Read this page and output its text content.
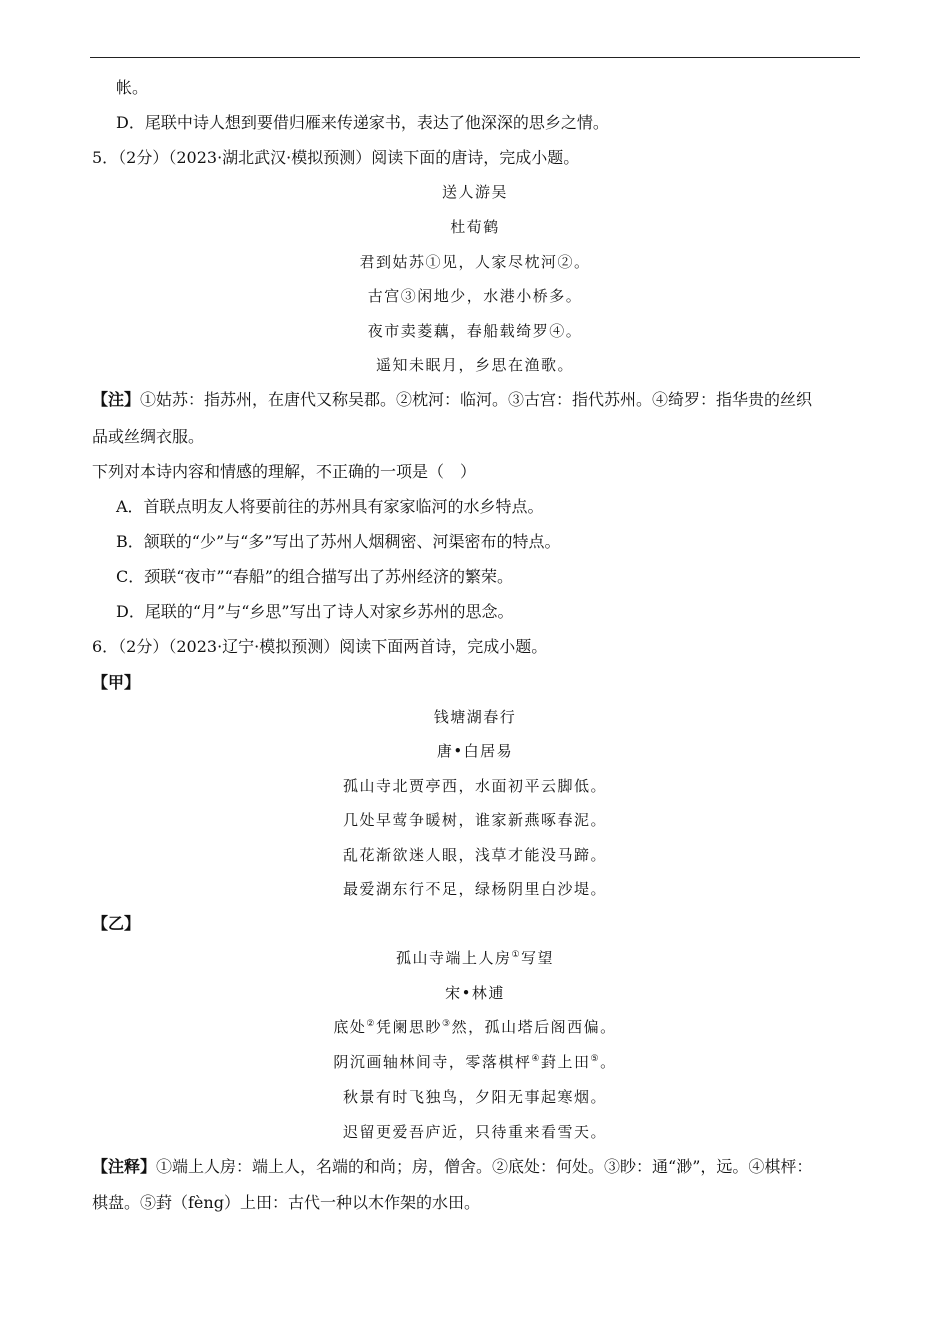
帐。
D．尾联中诗人想到要借归雁来传递家书，表达了他深深的思乡之情。
5．（2分）（2023·湖北武汉·模拟预测）阅读下面的唐诗，完成小题。
送人游吴
杜荀鹤
君到姑苏①见，人家尽枕河②。
古宫③闲地少，水港小桥多。
夜市卖菱藕，春船载绮罗④。
遥知未眠月，乡思在渔歌。
【注】①姑苏：指苏州，在唐代又称吴郡。②枕河：临河。③古宫：指代苏州。④绮罗：指华贵的丝织
品或丝绸衣服。
下列对本诗内容和情感的理解，不正确的一项是（　）
A．首联点明友人将要前往的苏州具有家家临河的水乡特点。
B．颔联的“少”与“多”写出了苏州人烟稠密、河渠密布的特点。
C．颈联“夜市”“春船”的组合描写出了苏州经济的繁荣。
D．尾联的“月”与“乡思”写出了诗人对家乡苏州的思念。
6．（2分）（2023·辽宁·模拟预测）阅读下面两首诗，完成小题。
【甲】
钱塘湖春行
唐•白居易
孤山寺北贾亭西，水面初平云脚低。
几处早莺争暖树，谁家新燕啄春泥。
乱花渐欲迷人眼，浅草才能没马蹄。
最爱湖东行不足，绿杨阴里白沙堤。
【乙】
孤山寺端上人房①写望
宋•林逋
底处②凭阑思眇③然，孤山塔后阁西偏。
阴沉画轴林间寺，零落棋枰④葑上田⑤。
秋景有时飞独鸟，夕阳无事起寒烟。
迟留更爱吾庐近，只待重来看雪天。
【注释】①端上人房：端上人，名端的和尚；房，僧舍。②底处：何处。③眇：通“渺”，远。④棋枰：
棋盘。⑤葑（fèng）上田：古代一种以木作架的水田。
